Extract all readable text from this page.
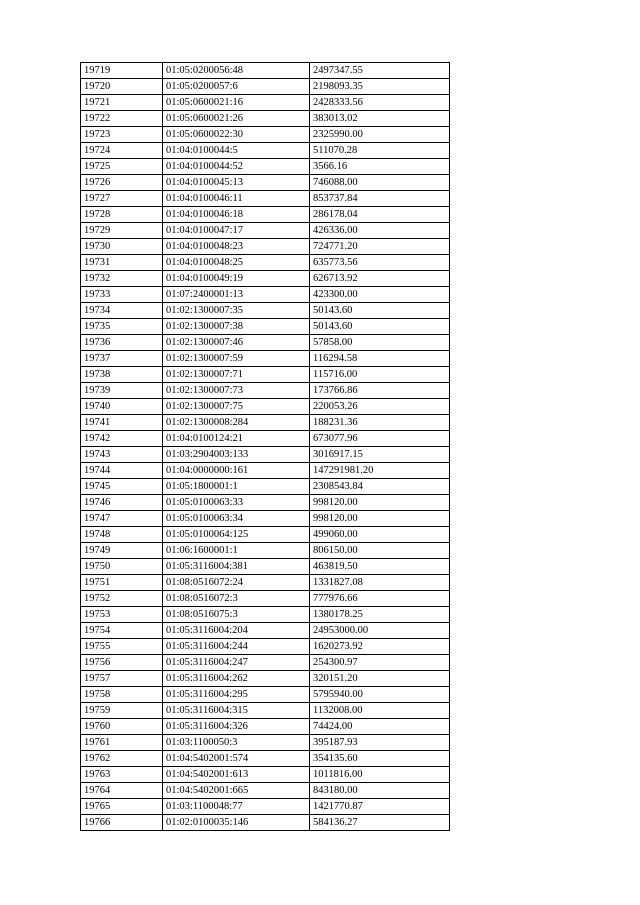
19719	01:05:0200056:48	2497347.55
19720	01:05:0200057:6	2198093.35
19721	01:05:0600021:16	2428333.56
19722	01:05:0600021:26	383013.02
19723	01:05:0600022:30	2325990.00
19724	01:04:0100044:5	511070.28
19725	01:04:0100044:52	3566.16
19726	01:04:0100045:13	746088.00
19727	01:04:0100046:11	853737.84
19728	01:04:0100046:18	286178.04
19729	01:04:0100047:17	426336.00
19730	01:04:0100048:23	724771.20
19731	01:04:0100048:25	635773.56
19732	01:04:0100049:19	626713.92
19733	01:07:2400001:13	423300.00
19734	01:02:1300007:35	50143.60
19735	01:02:1300007:38	50143.60
19736	01:02:1300007:46	57858.00
19737	01:02:1300007:59	116294.58
19738	01:02:1300007:71	115716.00
19739	01:02:1300007:73	173766.86
19740	01:02:1300007:75	220053.26
19741	01:02:1300008:284	188231.36
19742	01:04:0100124:21	673077.96
19743	01:03:2904003:133	3016917.15
19744	01:04:0000000:161	147291981.20
19745	01:05:1800001:1	2308543.84
19746	01:05:0100063:33	998120.00
19747	01:05:0100063:34	998120.00
19748	01:05:0100064:125	499060.00
19749	01:06:1600001:1	806150.00
19750	01:05:3116004:381	463819.50
19751	01:08:0516072:24	1331827.08
19752	01:08:0516072:3	777976.66
19753	01:08:0516075:3	1380178.25
19754	01:05:3116004:204	24953000.00
19755	01:05:3116004:244	1620273.92
19756	01:05:3116004:247	254300.97
19757	01:05:3116004:262	320151.20
19758	01:05:3116004:295	5795940.00
19759	01:05:3116004:315	1132008.00
19760	01:05:3116004:326	74424.00
19761	01:03:1100050:3	395187.93
19762	01:04:5402001:574	354135.60
19763	01:04:5402001:613	1011816.00
19764	01:04:5402001:665	843180.00
19765	01:03:1100048:77	1421770.87
19766	01:02:0100035:146	584136.27
